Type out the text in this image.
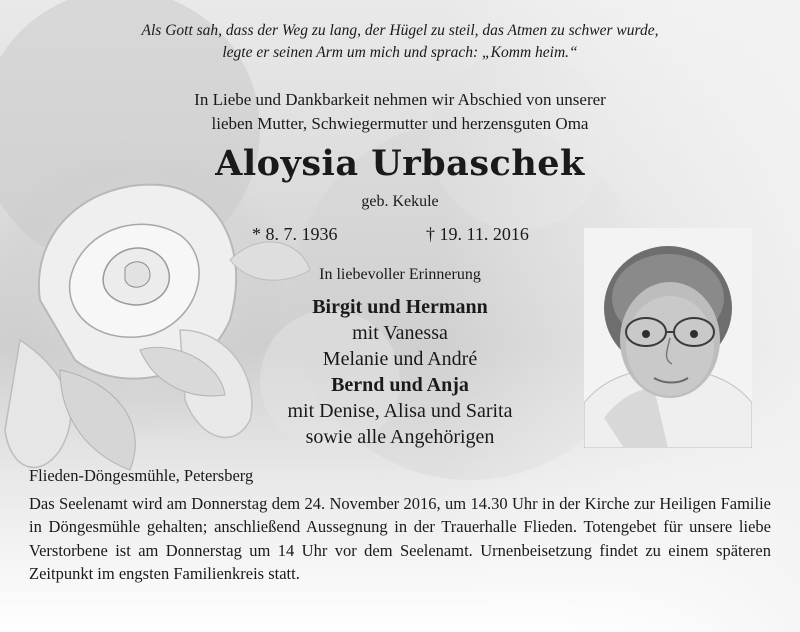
Als Gott sah, dass der Weg zu lang, der Hügel zu steil, das Atmen zu schwer wurde,
legte er seinen Arm um mich und sprach: „Komm heim.“
In Liebe und Dankbarkeit nehmen wir Abschied von unserer
lieben Mutter, Schwiegermutter und herzensguten Oma
Aloysia Urbaschek
geb. Kekule
* 8. 7. 1936	† 19. 11. 2016
In liebevoller Erinnerung
Birgit und Hermann
mit Vanessa
Melanie und André
Bernd und Anja
mit Denise, Alisa und Sarita
sowie alle Angehörigen
Flieden-Döngesmühle, Petersberg
Das Seelenamt wird am Donnerstag dem 24. November 2016, um 14.30 Uhr in der Kirche zur Heiligen Familie in Döngesmühle gehalten; anschließend Aussegnung in der Trauerhalle Flieden. Totengebet für unsere liebe Verstorbene ist am Donnerstag um 14 Uhr vor dem Seelenamt. Urnenbeisetzung findet zu einem späteren Zeitpunkt im engsten Familienkreis statt.
